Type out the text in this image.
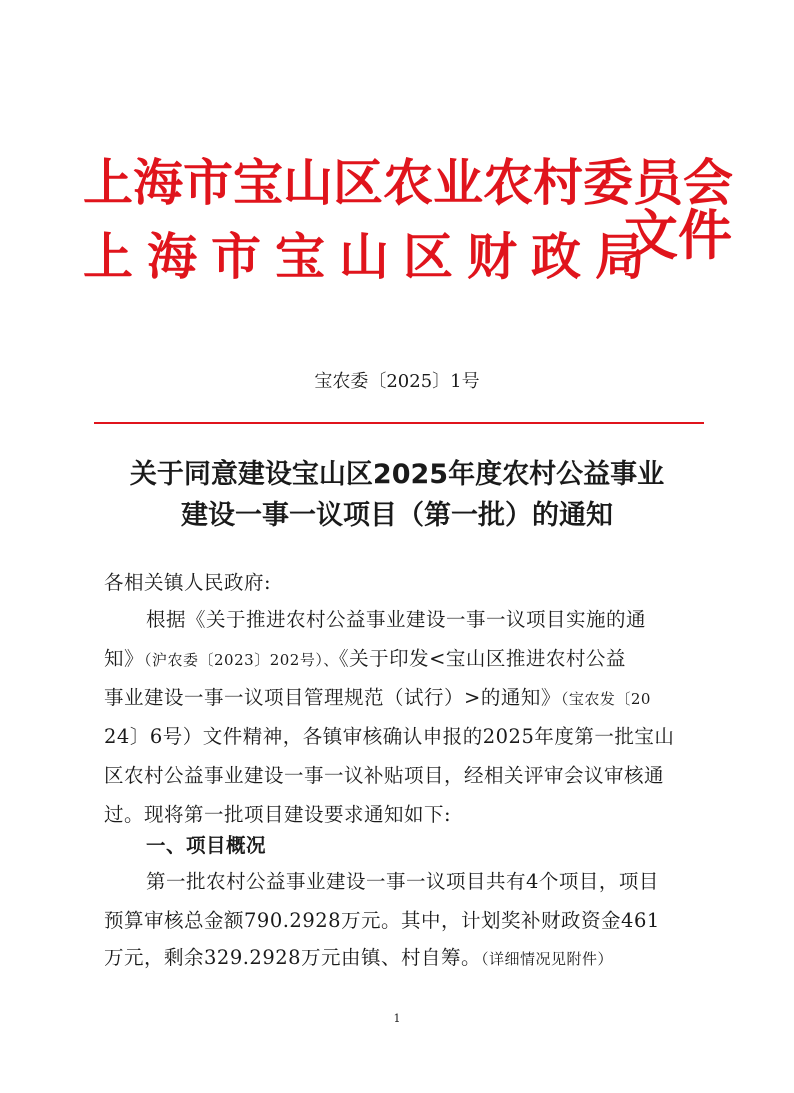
上海市宝山区农业农村委员会
上海市宝山区财政局
文件
宝农委〔2025〕1号
关于同意建设宝山区2025年度农村公益事业
建设一事一议项目（第一批）的通知
各相关镇人民政府:
根据《关于推进农村公益事业建设一事一议项目实施的通
知》（沪农委〔2023〕202号）、《关于印发<宝山区推进农村公益
事业建设一事一议项目管理规范（试行）>的通知》（宝农发〔20
24〕6号）文件精神，各镇审核确认申报的2025年度第一批宝山
区农村公益事业建设一事一议补贴项目，经相关评审会议审核通
过。现将第一批项目建设要求通知如下:
一、项目概况
第一批农村公益事业建设一事一议项目共有4个项目，项目
预算审核总金额790.2928万元。其中，计划奖补财政资金461
万元，剩余329.2928万元由镇、村自筹。（详细情况见附件）
1
